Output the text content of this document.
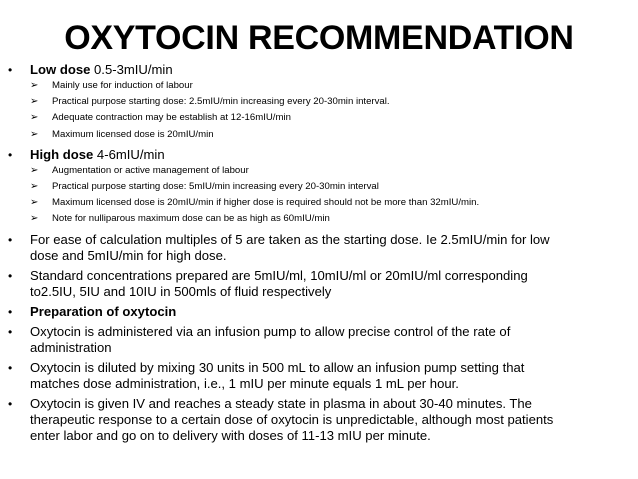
OXYTOCIN RECOMMENDATION
• Low dose 0.5-3mIU/min
➢ Mainly use for induction of labour
➢ Practical purpose starting dose: 2.5mIU/min increasing every 20-30min interval.
➢ Adequate contraction may be establish at 12-16mIU/min
➢ Maximum licensed dose is 20mIU/min
• High dose 4-6mIU/min
➢ Augmentation or active management of labour
➢ Practical purpose starting dose: 5mIU/min increasing every 20-30min interval
➢ Maximum licensed dose is 20mIU/min if higher dose is required should not be more than 32mIU/min.
➢ Note for nulliparous maximum dose can be as high as 60mIU/min
• For ease of calculation multiples of 5 are taken as the starting dose. Ie 2.5mIU/min for low
dose and 5mIU/min for high dose.
• Standard concentrations prepared are 5mIU/ml, 10mIU/ml or 20mIU/ml corresponding
to2.5IU, 5IU and 10IU in 500mls of fluid respectively
• Preparation of oxytocin
• Oxytocin is administered via an infusion pump to allow precise control of the rate of
administration
• Oxytocin is diluted by mixing 30 units in 500 mL to allow an infusion pump setting that
matches dose administration, i.e., 1 mIU per minute equals 1 mL per hour.
• Oxytocin is given IV and reaches a steady state in plasma in about 30-40 minutes. The
therapeutic response to a certain dose of oxytocin is unpredictable, although most patients
enter labor and go on to delivery with doses of 11-13 mIU per minute.
